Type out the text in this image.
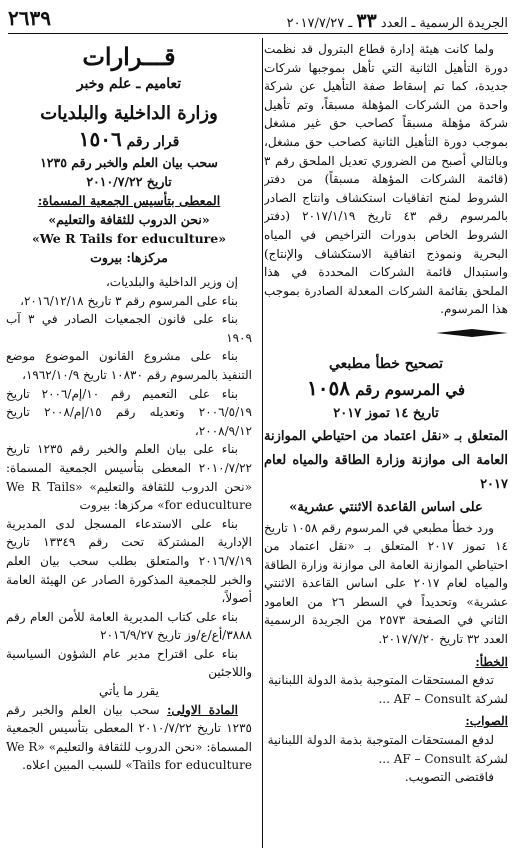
الجريدة الرسمية ـ العدد ٣٣ ـ ٢٠١٧/٧/٢٧
٢٦٣٩

ولما كانت هيئة إدارة قطاع البترول قد نظمت دورة التأهيل الثانية التي تأهل بموجبها شركات جديدة، كما تم إسقاط صفة التأهيل عن شركة واحدة من الشركات المؤهلة مسبقاً، وتم تأهيل شركة مؤهلة مسبقاً كصاحب حق غير مشغل بموجب دورة التأهيل الثانية كصاحب حق مشغل، وبالتالي أصبح من الضروري تعديل الملحق رقم ٣ (قائمة الشركات المؤهلة مسبقاً) من دفتر الشروط لمنح اتفاقيات استكشاف وانتاج الصادر بالمرسوم رقم ٤٣ تاريخ ٢٠١٧/١/١٩ (دفتر الشروط الخاص بدورات التراخيص في المياه البحرية ونموذج اتفاقية الاستكشاف والإنتاج) واستبدال قائمة الشركات المحددة في هذا الملحق بقائمة الشركات المعدلة الصادرة بموجب هذا المرسوم.

تصحيح خطأ مطبعي
في المرسوم رقم ١٠٥٨
تاريخ ١٤ تموز ٢٠١٧

المتعلق بـ «نقل اعتماد من احتياطي الموازنة العامة الى موازنة وزارة الطاقة والمياه لعام ٢٠١٧

على اساس القاعدة الاثنتي عشرية»

ورد خطأ مطبعي في المرسوم رقم ١٠٥٨ تاريخ ١٤ تموز ٢٠١٧ المتعلق بـ «نقل اعتماد من احتياطي الموازنة العامة الى موازنة وزارة الطاقة والمياه لعام ٢٠١٧ على اساس القاعدة الاثنتي عشرية» وتحديداً في السطر ٢٦ من العامود الثاني في الصفحة ٢٥٧٣ من الجريدة الرسمية العدد ٣٢ تاريخ ٢٠١٧/٧/٢٠.

الخطأ:

تدفع المستحقات المتوجبة بذمة الدولة اللبنانية

لشركة AF – Consult ...

الصواب:

لدفع المستحقات المتوجبة بذمة الدولة اللبنانية

لشركة AF – Consult ...

فاقتضى التصويب.

قـــرارات
تعاميم ـ علم وخبر
وزارة الداخلية والبلديات
قرار رقم ١٥٠٦
سحب بيان العلم والخبر رقم ١٢٣٥
تاريخ ٢٠١٠/٧/٢٢
المعطى بتأسيس الجمعية المسماة:
«نحن الدروب للثقافة والتعليم»
«We R Tails for educulture»
مركزها: بيروت

إن وزير الداخلية والبلديات،

بناء على المرسوم رقم ٣ تاريخ ٢٠١٦/١٢/١٨،

بناء على قانون الجمعيات الصادر في ٣ آب ١٩٠٩

بناء على مشروع القانون الموضوع موضع التنفيذ بالمرسوم رقم ١٠٨٣٠ تاريخ ١٩٦٢/١٠/٩،

بناء على التعميم رقم ١٠/إم/٢٠٠٦ تاريخ ٢٠٠٦/٥/١٩ وتعديله رقم ١٥/إم/٢٠٠٨ تاريخ ٢٠٠٨/٩/١٢،

بناء على بيان العلم والخبر رقم ١٢٣٥ تاريخ ٢٠١٠/٧/٢٢ المعطى بتأسيس الجمعية المسماة: «نحن الدروب للثقافة والتعليم» «We R Tails for educulture» مركزها: بيروت

بناء على الاستدعاء المسجل لدى المديرية الإدارية المشتركة تحت رقم ١٣٣٤٩ تاريخ ٢٠١٦/٧/١٩ والمتعلق بطلب سحب بيان العلم والخبر للجمعية المذكورة الصادر عن الهيئة العامة أصولاً،

بناء على كتاب المديرية العامة للأمن العام رقم ٣٨٨٨/أع/ع/وز تاريخ ٢٠١٦/٩/٢٧

بناء على اقتراح مدير عام الشؤون السياسية واللاجئين

يقرر ما يأتي

المادة الاولى: سحب بيان العلم والخبر رقم ١٢٣٥ تاريخ ٢٠١٠/٧/٢٢ المعطى بتأسيس الجمعية المسماة: «نحن الدروب للثقافة والتعليم» «We R Tails for educulture» للسبب المبين اعلاه.
